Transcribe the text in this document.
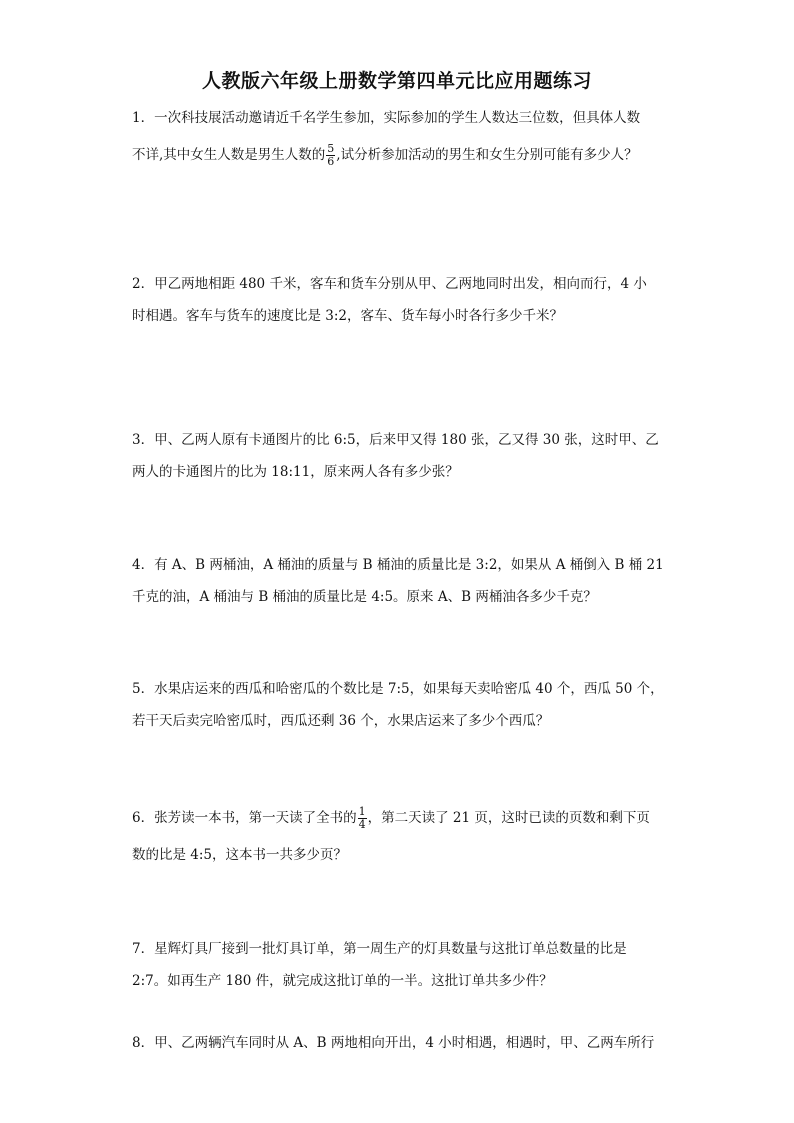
人教版六年级上册数学第四单元比应用题练习
1．一次科技展活动邀请近千名学生参加，实际参加的学生人数达三位数，但具体人数
不详,其中女生人数是男生人数的 $\frac{5}{6}$ ,试分析参加活动的男生和女生分别可能有多少人？
2．甲乙两地相距 480 千米，客车和货车分别从甲、乙两地同时出发，相向而行，4 小
时相遇。客车与货车的速度比是 3:2，客车、货车每小时各行多少千米？
3．甲、乙两人原有卡通图片的比 6:5，后来甲又得 180 张，乙又得 30 张，这时甲、乙
两人的卡通图片的比为 18:11，原来两人各有多少张？
4．有 A、B 两桶油，A 桶油的质量与 B 桶油的质量比是 3:2，如果从 A 桶倒入 B 桶 21
千克的油，A 桶油与 B 桶油的质量比是 4:5。原来 A、B 两桶油各多少千克？
5．水果店运来的西瓜和哈密瓜的个数比是 7:5，如果每天卖哈密瓜 40 个，西瓜 50 个，
若干天后卖完哈密瓜时，西瓜还剩 36 个，水果店运来了多少个西瓜？
6．张芳读一本书，第一天读了全书的 $\frac{1}{4}$ ，第二天读了 21 页，这时已读的页数和剩下页
数的比是 4:5，这本书一共多少页？
7．星辉灯具厂接到一批灯具订单，第一周生产的灯具数量与这批订单总数量的比是
2:7。如再生产 180 件，就完成这批订单的一半。这批订单共多少件？
8．甲、乙两辆汽车同时从 A、B 两地相向开出，4 小时相遇，相遇时，甲、乙两车所行
